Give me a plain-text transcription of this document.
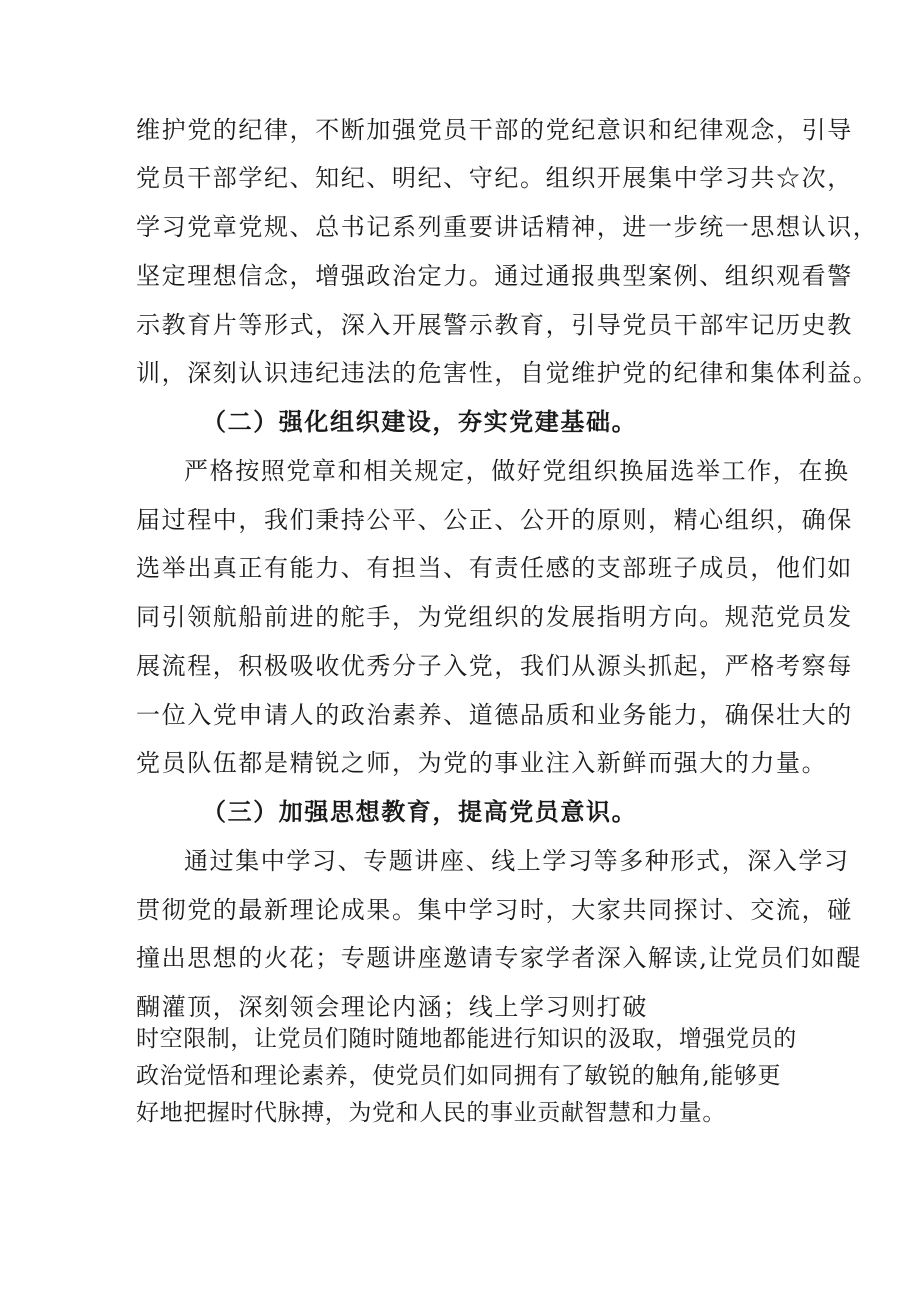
维护党的纪律，不断加强党员干部的党纪意识和纪律观念，引导
党员干部学纪、知纪、明纪、守纪。组织开展集中学习共☆次，
学习党章党规、总书记系列重要讲话精神，进一步统一思想认识，
坚定理想信念，增强政治定力。通过通报典型案例、组织观看警
示教育片等形式，深入开展警示教育，引导党员干部牢记历史教
训，深刻认识违纪违法的危害性，自觉维护党的纪律和集体利益。
（二）强化组织建设，夯实党建基础。
严格按照党章和相关规定，做好党组织换届选举工作，在换
届过程中，我们秉持公平、公正、公开的原则，精心组织，确保
选举出真正有能力、有担当、有责任感的支部班子成员，他们如
同引领航船前进的舵手，为党组织的发展指明方向。规范党员发
展流程，积极吸收优秀分子入党，我们从源头抓起，严格考察每
一位入党申请人的政治素养、道德品质和业务能力，确保壮大的
党员队伍都是精锐之师，为党的事业注入新鲜而强大的力量。
（三）加强思想教育，提高党员意识。
通过集中学习、专题讲座、线上学习等多种形式，深入学习
贯彻党的最新理论成果。集中学习时，大家共同探讨、交流，碰
撞出思想的火花；专题讲座邀请专家学者深入解读,让党员们如醍
醐灌顶，深刻领会理论内涵；线上学习则打破
时空限制，让党员们随时随地都能进行知识的汲取，增强党员的
政治觉悟和理论素养，使党员们如同拥有了敏锐的触角,能够更
好地把握时代脉搏，为党和人民的事业贡献智慧和力量。
